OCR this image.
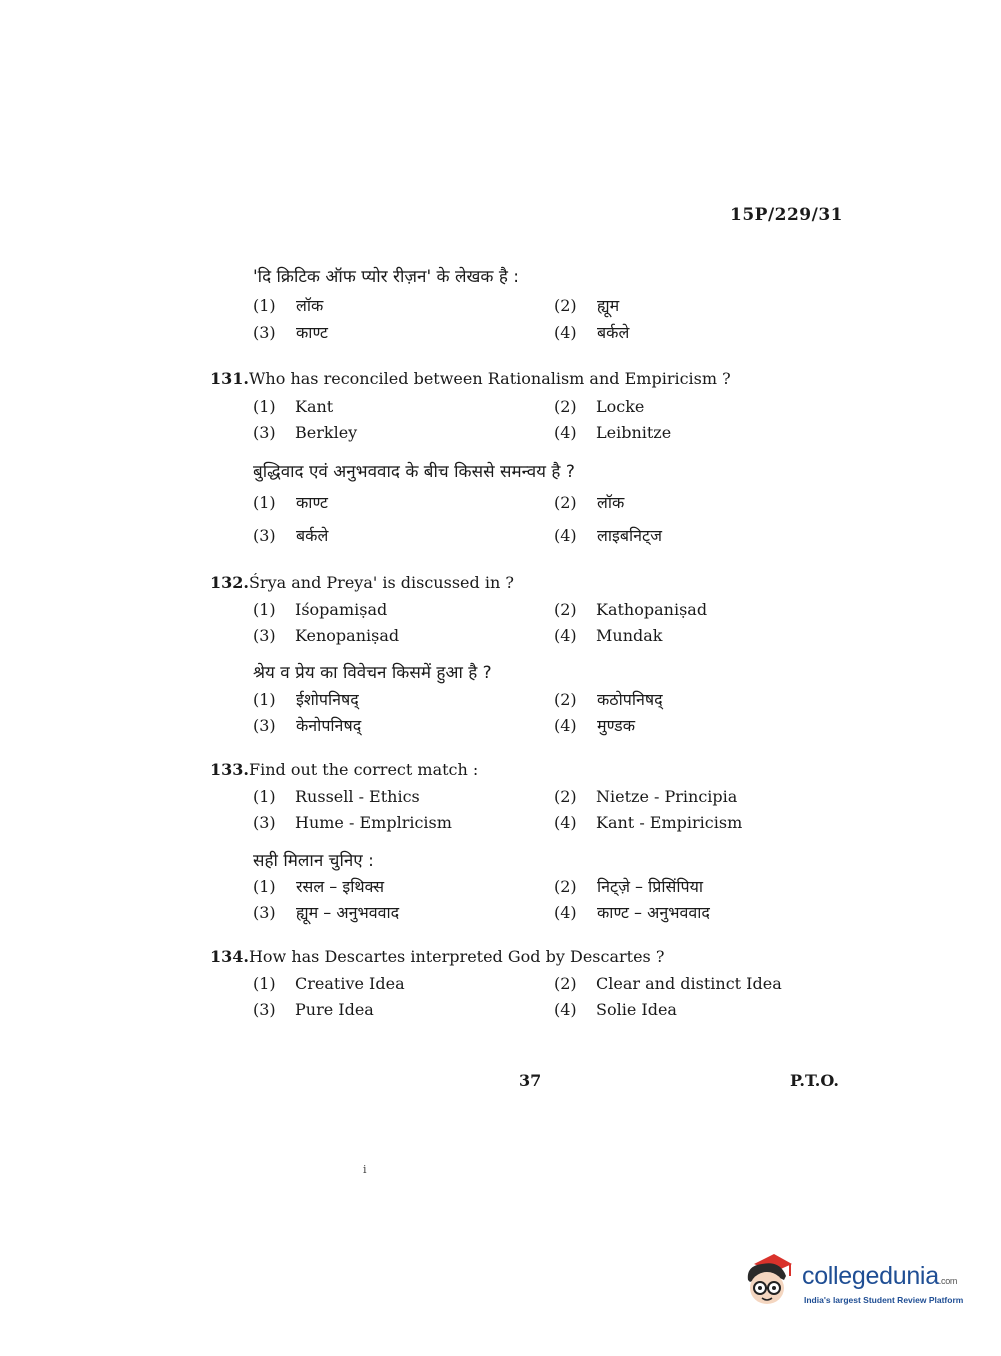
15P/229/31
'दि क्रिटिक ऑफ प्योर रीज़न' के लेखक है :
(1) लॉक	(2) ह्यूम
(3) काण्ट	(4) बर्कले
131.Who has reconciled between Rationalism and Empiricism ?
(1) Kant	(2) Locke
(3) Berkley	(4) Leibnitze
बुद्धिवाद एवं अनुभववाद के बीच किससे समन्वय है ?
(1) काण्ट	(2) लॉक
(3) बर्कले	(4) लाइबनिट्ज
132.Śrya and Preya' is discussed in ?
(1) Iśopamiṣad	(2) Kathopaniṣad
(3) Kenopaniṣad	(4) Mundak
श्रेय व प्रेय का विवेचन किसमें हुआ है ?
(1) ईशोपनिषद्	(2) कठोपनिषद्
(3) केनोपनिषद्	(4) मुण्डक
133.Find out the correct match :
(1) Russell - Ethics	(2) Nietze - Principia
(3) Hume - Emplricism	(4) Kant - Empiricism
सही मिलान चुनिए :
(1) रसल – इथिक्स	(2) निट्ज़े – प्रिसिंपिया
(3) ह्यूम – अनुभववाद	(4) काण्ट – अनुभववाद
134.How has Descartes interpreted God by Descartes ?
(1) Creative Idea	(2) Clear and distinct Idea
(3) Pure Idea	(4) Solie Idea
37	P.T.O.
i
collegedunia.com
India's largest Student Review Platform
